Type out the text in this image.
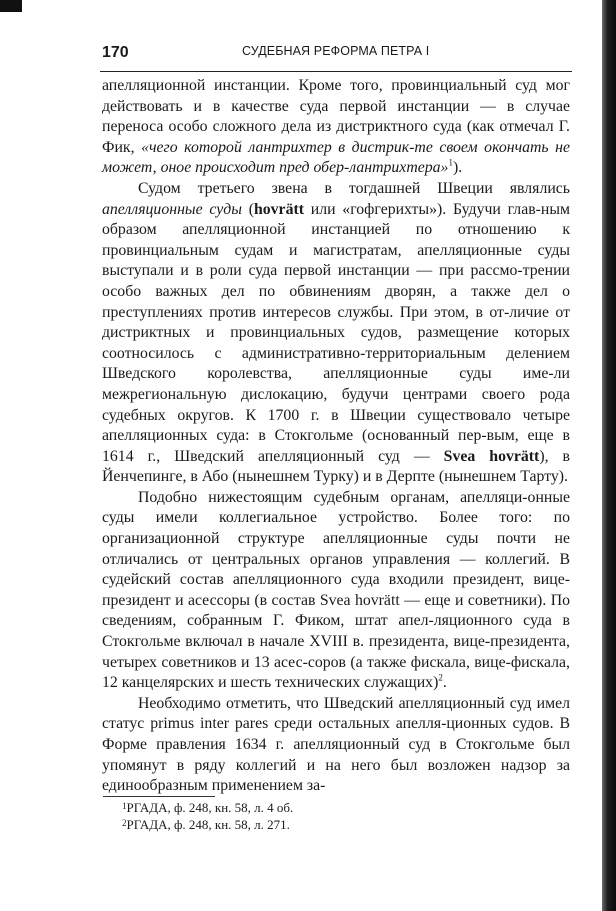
170	СУДЕБНАЯ РЕФОРМА ПЕТРА I

апелляционной инстанции. Кроме того, провинциальный суд мог действовать и в качестве суда первой инстанции — в случае переноса особо сложного дела из дистриктного суда (как отмечал Г. Фик, «чего которой лантрихтер в дистрик-те своем окончать не может, оное происходит пред обер-лантрихтера»$^1$).

Судом третьего звена в тогдашней Швеции являлись апелляционные суды (hovrätt или «гофгерихты»). Будучи глав-ным образом апелляционной инстанцией по отношению к провинциальным судам и магистратам, апелляционные суды выступали и в роли суда первой инстанции — при рассмо-трении особо важных дел по обвинениям дворян, а также дел о преступлениях против интересов службы. При этом, в от-личие от дистриктных и провинциальных судов, размещение которых соотносилось с административно-территориальным делением Шведского королевства, апелляционные суды име-ли межрегиональную дислокацию, будучи центрами своего рода судебных округов. К 1700 г. в Швеции существовало четыре апелляционных суда: в Стокгольме (основанный пер-вым, еще в 1614 г., Шведский апелляционный суд — Svea hovrätt), в Йенчепинге, в Або (нынешнем Турку) и в Дерпте (нынешнем Тарту).

Подобно нижестоящим судебным органам, апелляци-онные суды имели коллегиальное устройство. Более того: по организационной структуре апелляционные суды почти не отличались от центральных органов управления — коллегий. В судейский состав апелляционного суда входили президент, вице-президент и асессоры (в состав Svea hovrätt — еще и советники). По сведениям, собранным Г. Фиком, штат апел-ляционного суда в Стокгольме включал в начале XVIII в. президента, вице-президента, четырех советников и 13 асес-соров (а также фискала, вице-фискала, 12 канцелярских и шесть технических служащих)$^2$.

Необходимо отметить, что Шведский апелляционный суд имел статус primus inter pares среди остальных апелля-ционных судов. В Форме правления 1634 г. апелляционный суд в Стокгольме был упомянут в ряду коллегий и на него был возложен надзор за единообразным применением за-

$^1$РГАДА, ф. 248, кн. 58, л. 4 об.
$^2$РГАДА, ф. 248, кн. 58, л. 271.
